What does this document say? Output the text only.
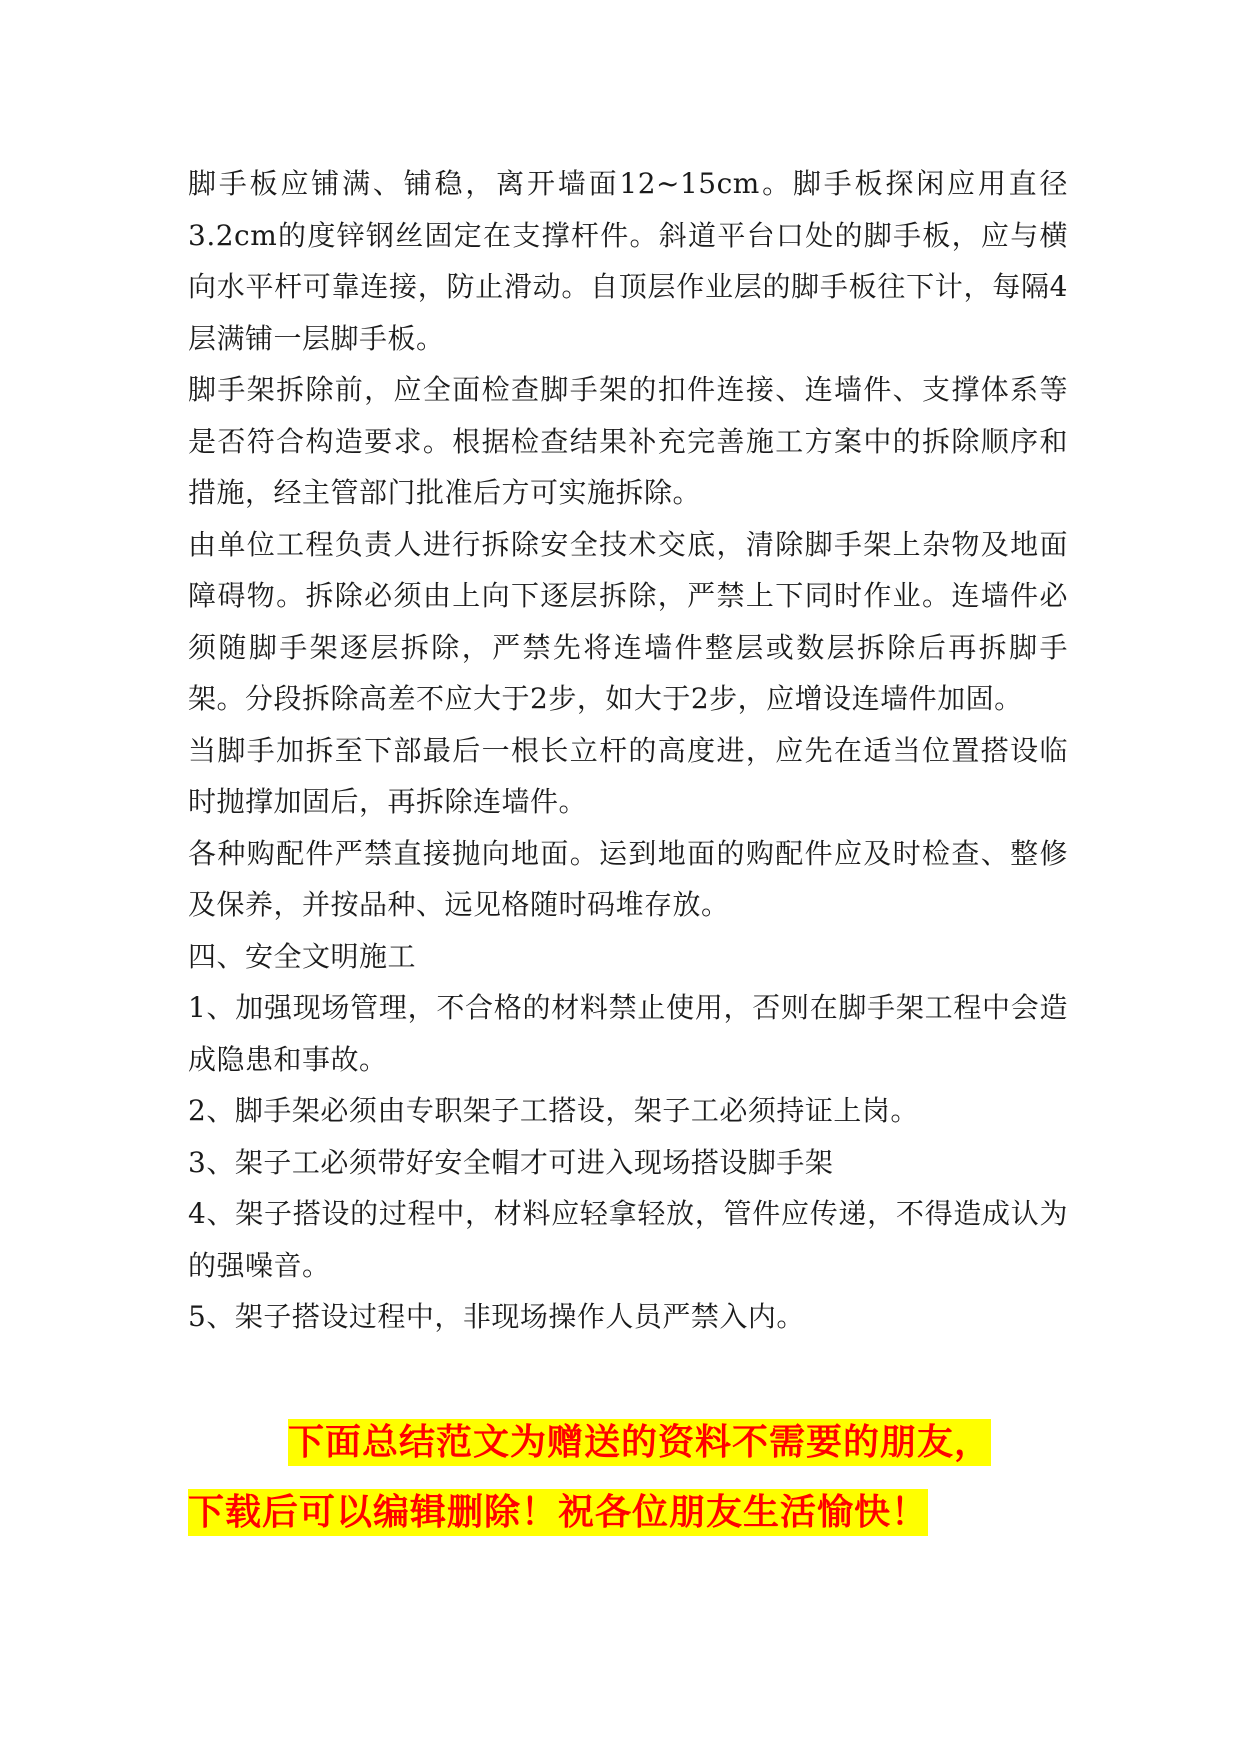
脚手板应铺满、铺稳，离开墙面12~15cm。脚手板探闲应用直径3.2cm的度锌钢丝固定在支撑杆件。斜道平台口处的脚手板，应与横向水平杆可靠连接，防止滑动。自顶层作业层的脚手板往下计，每隔4层满铺一层脚手板。

脚手架拆除前，应全面检查脚手架的扣件连接、连墙件、支撑体系等是否符合构造要求。根据检查结果补充完善施工方案中的拆除顺序和措施，经主管部门批准后方可实施拆除。

由单位工程负责人进行拆除安全技术交底，清除脚手架上杂物及地面障碍物。拆除必须由上向下逐层拆除，严禁上下同时作业。连墙件必须随脚手架逐层拆除，严禁先将连墙件整层或数层拆除后再拆脚手架。分段拆除高差不应大于2步，如大于2步，应增设连墙件加固。

当脚手加拆至下部最后一根长立杆的高度进，应先在适当位置搭设临时抛撑加固后，再拆除连墙件。

各种购配件严禁直接抛向地面。运到地面的购配件应及时检查、整修及保养，并按品种、远见格随时码堆存放。

四、安全文明施工

1、加强现场管理，不合格的材料禁止使用，否则在脚手架工程中会造成隐患和事故。

2、脚手架必须由专职架子工搭设，架子工必须持证上岗。

3、架子工必须带好安全帽才可进入现场搭设脚手架

4、架子搭设的过程中，材料应轻拿轻放，管件应传递，不得造成认为的强噪音。

5、架子搭设过程中，非现场操作人员严禁入内。

下面总结范文为赠送的资料不需要的朋友，
下载后可以编辑删除！祝各位朋友生活愉快！
